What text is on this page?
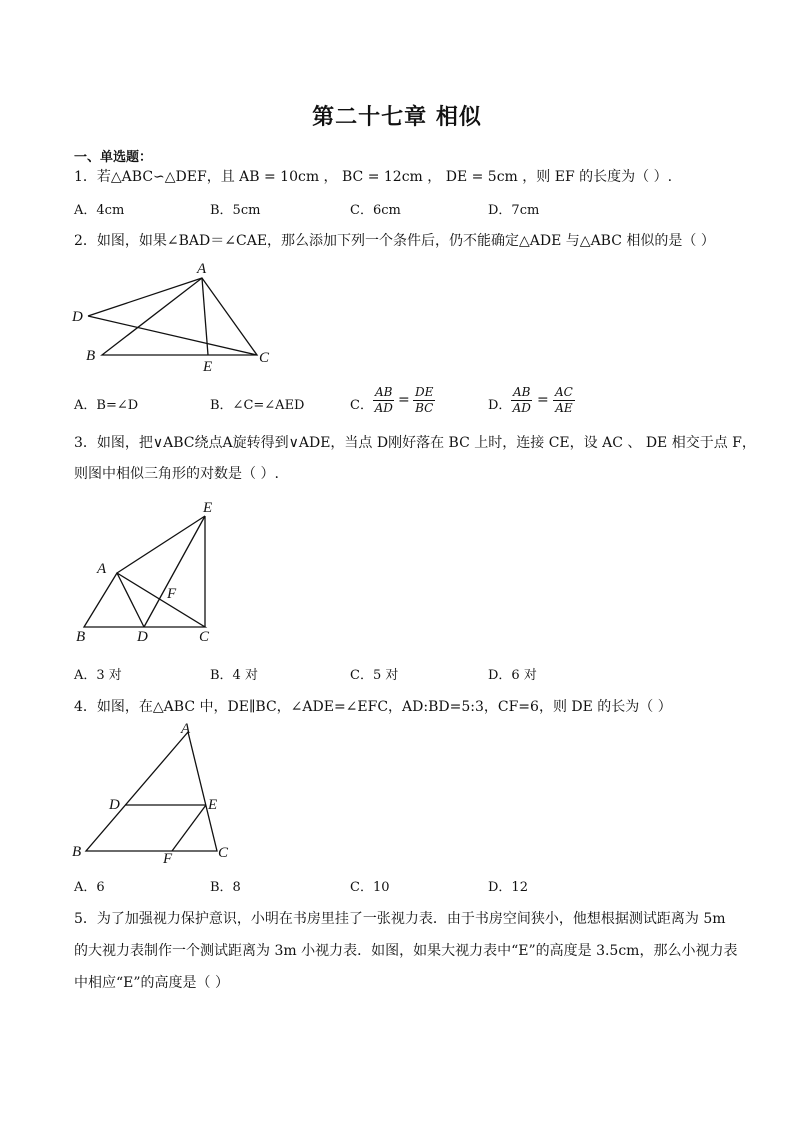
第二十七章 相似
一、单选题：
1．若△ABC∽△DEF，且 AB = 10cm ， BC = 12cm ， DE = 5cm ，则 EF 的长度为（ ）.
A．4cm	B．5cm	C．6cm	D．7cm
2．如图，如果∠BAD＝∠CAE，那么添加下列一个条件后，仍不能确定△ADE 与△ABC 相似的是（ ）
A
D
B
E
C
A．B=∠D	B．∠C=∠AED	C． $\frac{AB}{AD} = \frac{DE}{BC}$	D． $\frac{AB}{AD} = \frac{AC}{AE}$
3．如图，把∨ABC绕点A旋转得到∨ADE，当点 D刚好落在 BC 上时，连接 CE，设 AC 、 DE 相交于点 F，
则图中相似三角形的对数是（ ）.
E
A
F
B	D	C
A．3 对	B．4 对	C．5 对	D．6 对
4．如图，在△ABC 中，DE∥BC，∠ADE=∠EFC，AD:BD=5:3，CF=6，则 DE 的长为（ ）
A
D	E
B	F	C
A．6	B．8	C．10	D．12
5．为了加强视力保护意识，小明在书房里挂了一张视力表．由于书房空间狭小，他想根据测试距离为 5m
的大视力表制作一个测试距离为 3m 小视力表．如图，如果大视力表中“E”的高度是 3.5cm，那么小视力表
中相应“E”的高度是（ ）
